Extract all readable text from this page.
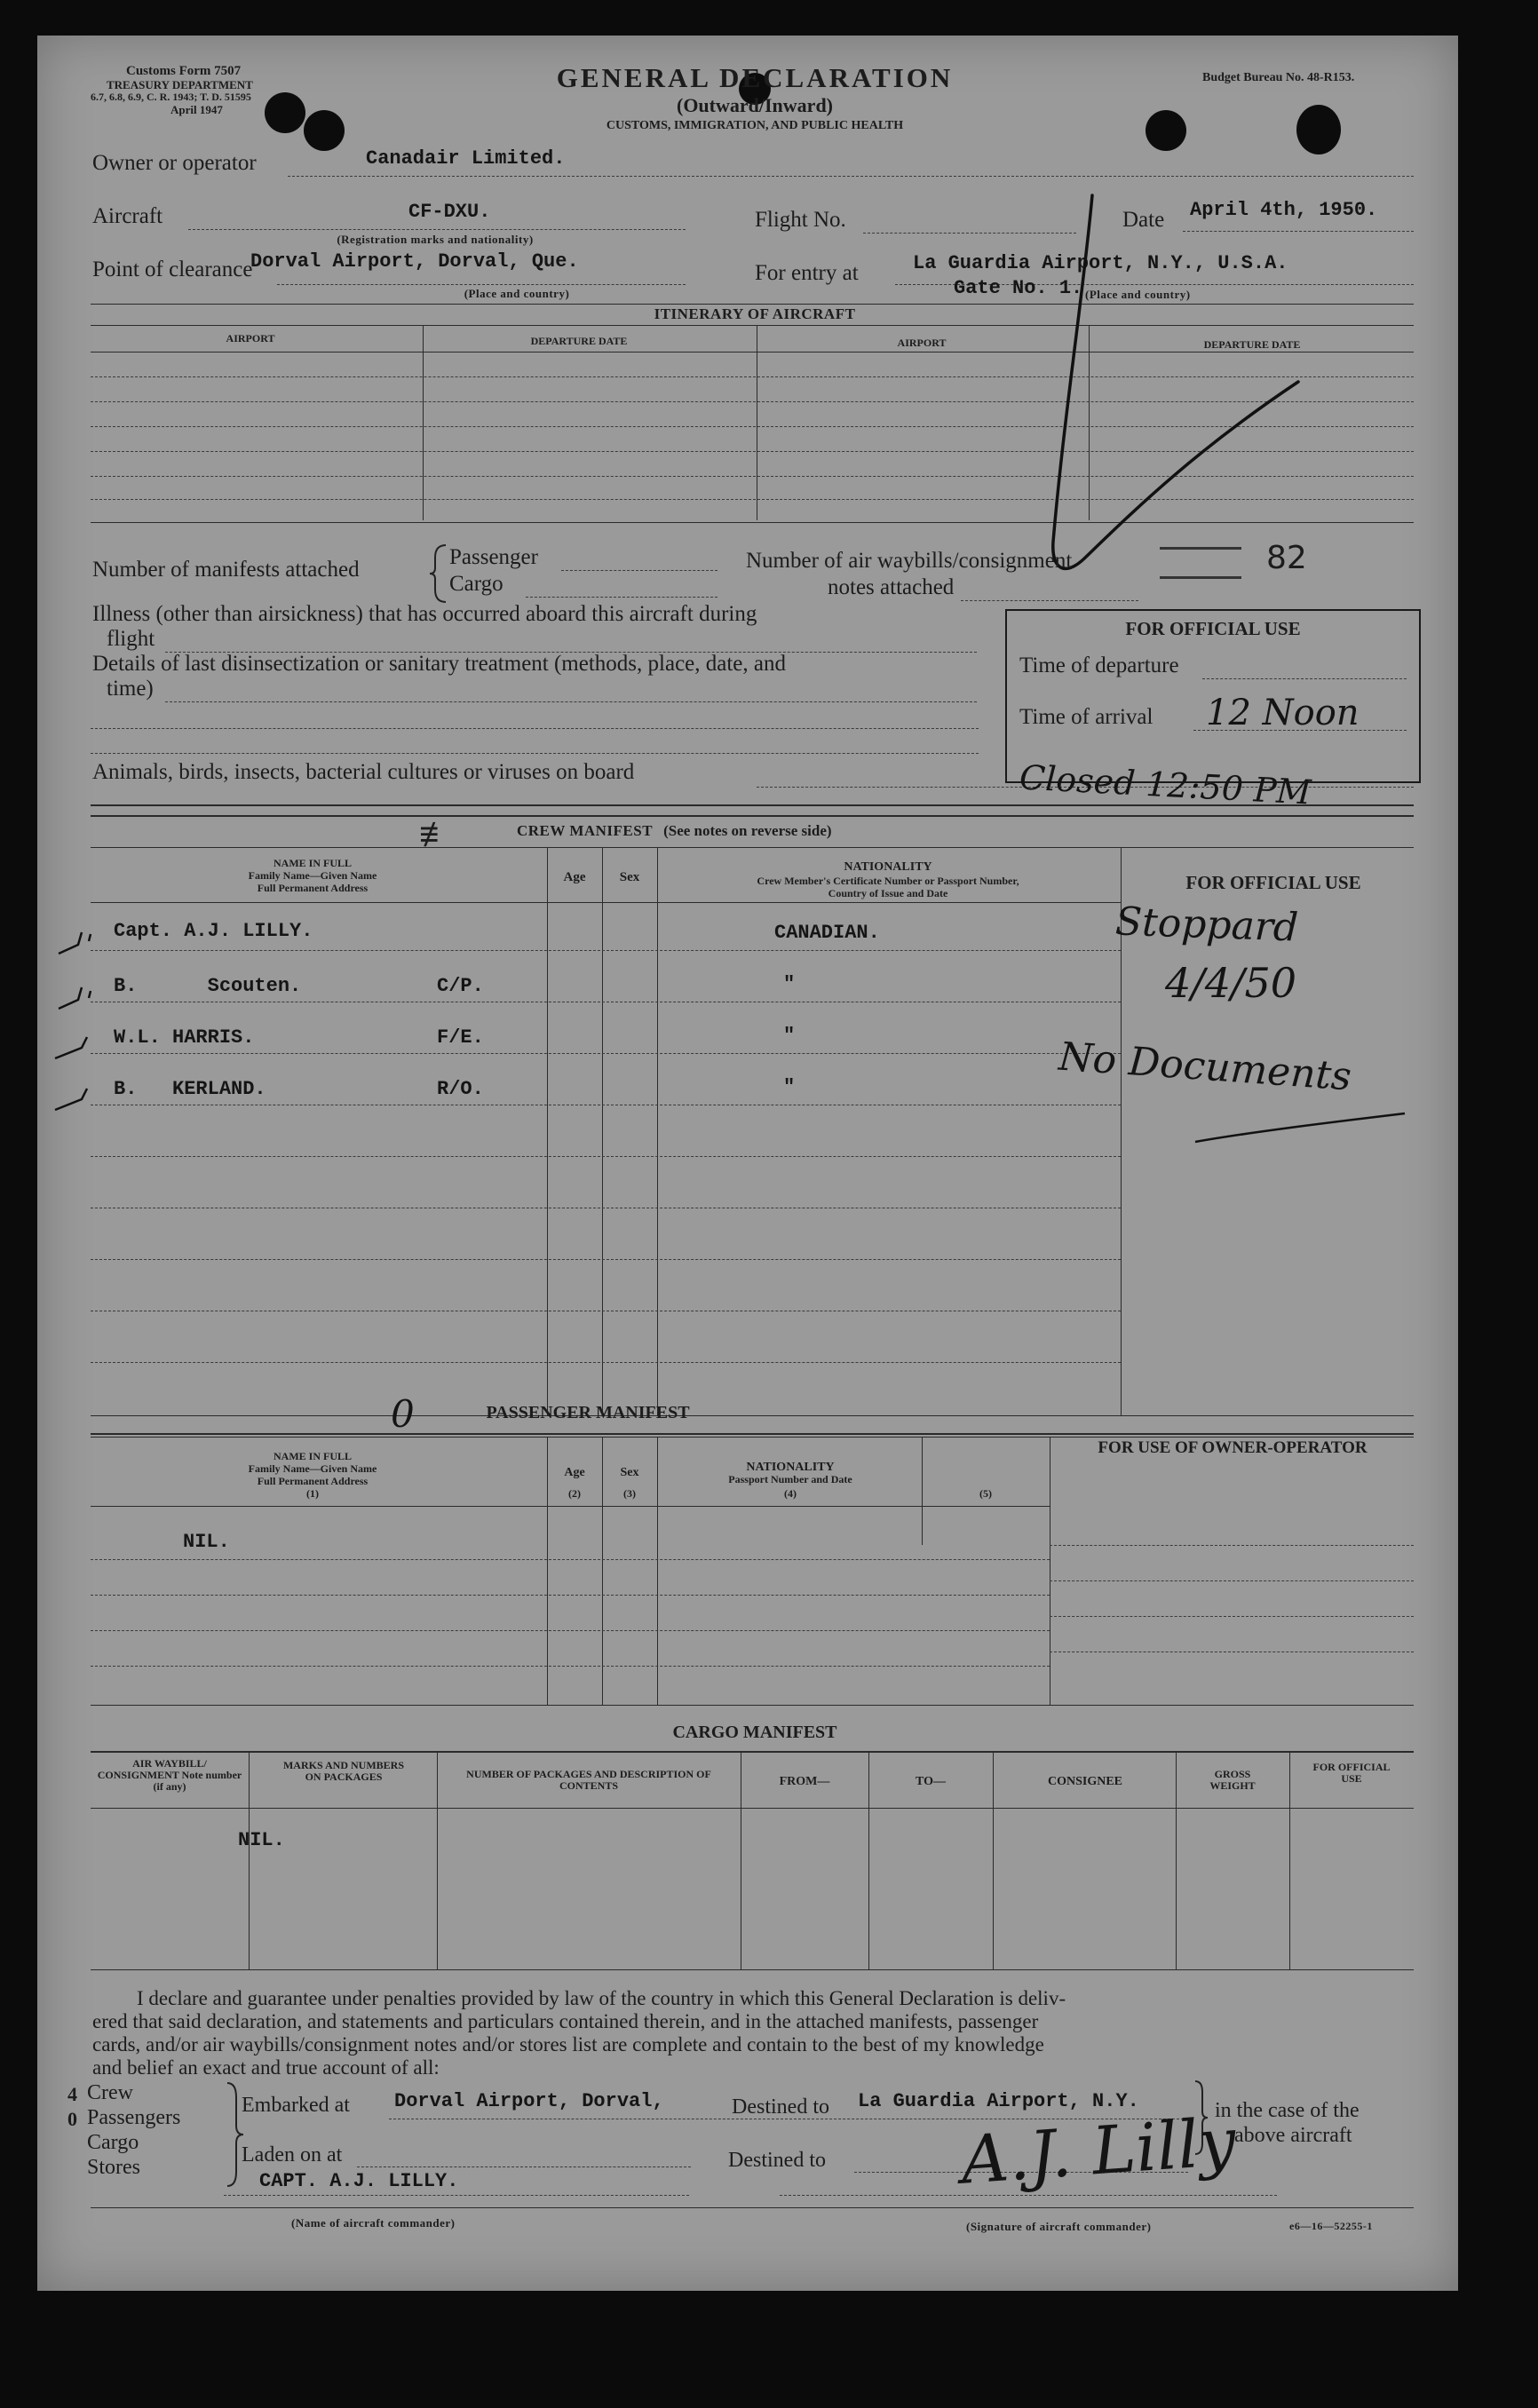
Customs Form 7507
TREASURY DEPARTMENT
6.7, 6.8, 6.9, C. R. 1943; T. D. 51595
April 1947
GENERAL DECLARATION
(Outward/Inward)
CUSTOMS, IMMIGRATION, AND PUBLIC HEALTH
Budget Bureau No. 48-R153.
Owner or operator	Canadair Limited.
Aircraft	CF-DXU.
(Registration marks and nationality)
Flight No.	Date April 4th, 1950.
Point of clearance
Dorval Airport, Dorval, Que.
(Place and country)
For entry at	La Guardia Airport, N.Y., U.S.A.
Gate No. 1. (Place and country)
ITINERARY OF AIRCRAFT
AIRPORT	DEPARTURE DATE	AIRPORT	DEPARTURE DATE
Number of manifests attached
Passenger
Cargo
Number of air waybills/consignment
notes attached
82
Illness (other than airsickness) that has occurred aboard this aircraft during
flight
Details of last disinsectization or sanitary treatment (methods, place, date, and
time)
Animals, birds, insects, bacterial cultures or viruses on board
FOR OFFICIAL USE
Time of departure
Time of arrival 12 Noon
Closed 12:50 PM
≢	CREW MANIFEST (See notes on reverse side)
NAME IN FULL
Family Name—Given Name
Full Permanent Address
Age	Sex
NATIONALITY
Crew Member's Certificate Number or Passport Number,
Country of Issue and Date	FOR OFFICIAL USE
Capt. A.J. LILLY.	CANADIAN.
B.      Scouten.	C/P.	"
W.L. HARRIS.	F/E.	"
B.   KERLAND.	R/O.	"
Stoppard
4/4/50
No Documents
0	PASSENGER MANIFEST
NAME IN FULL
Family Name—Given Name
Full Permanent Address
(1)
Age
(2)
Sex
(3)
NATIONALITY
Passport Number and Date
(4)	(5)
FOR USE OF OWNER-OPERATOR
NIL.
CARGO MANIFEST
AIR WAYBILL/ CONSIGNMENT Note number (if any)
MARKS AND NUMBERS ON PACKAGES	NUMBER OF PACKAGES AND DESCRIPTION OF CONTENTS	FROM—	TO—	CONSIGNEE
GROSS WEIGHT
FOR OFFICIAL USE
NIL.
I declare and guarantee under penalties provided by law of the country in which this General Declaration is deliv-
ered that said declaration, and statements and particulars contained therein, and in the attached manifests, passenger
cards, and/or air waybills/consignment notes and/or stores list are complete and contain to the best of my knowledge
and belief an exact and true account of all:
4
0
Crew
Passengers
Cargo
Stores
Embarked at Dorval Airport, Dorval,	Destined to La Guardia Airport, N.Y.	in the case of the
above aircraft
Laden on at	Destined to
CAPT. A.J. LILLY.	A.J. Lilly
(Name of aircraft commander)	(Signature of aircraft commander)	e6—16—52255-1
